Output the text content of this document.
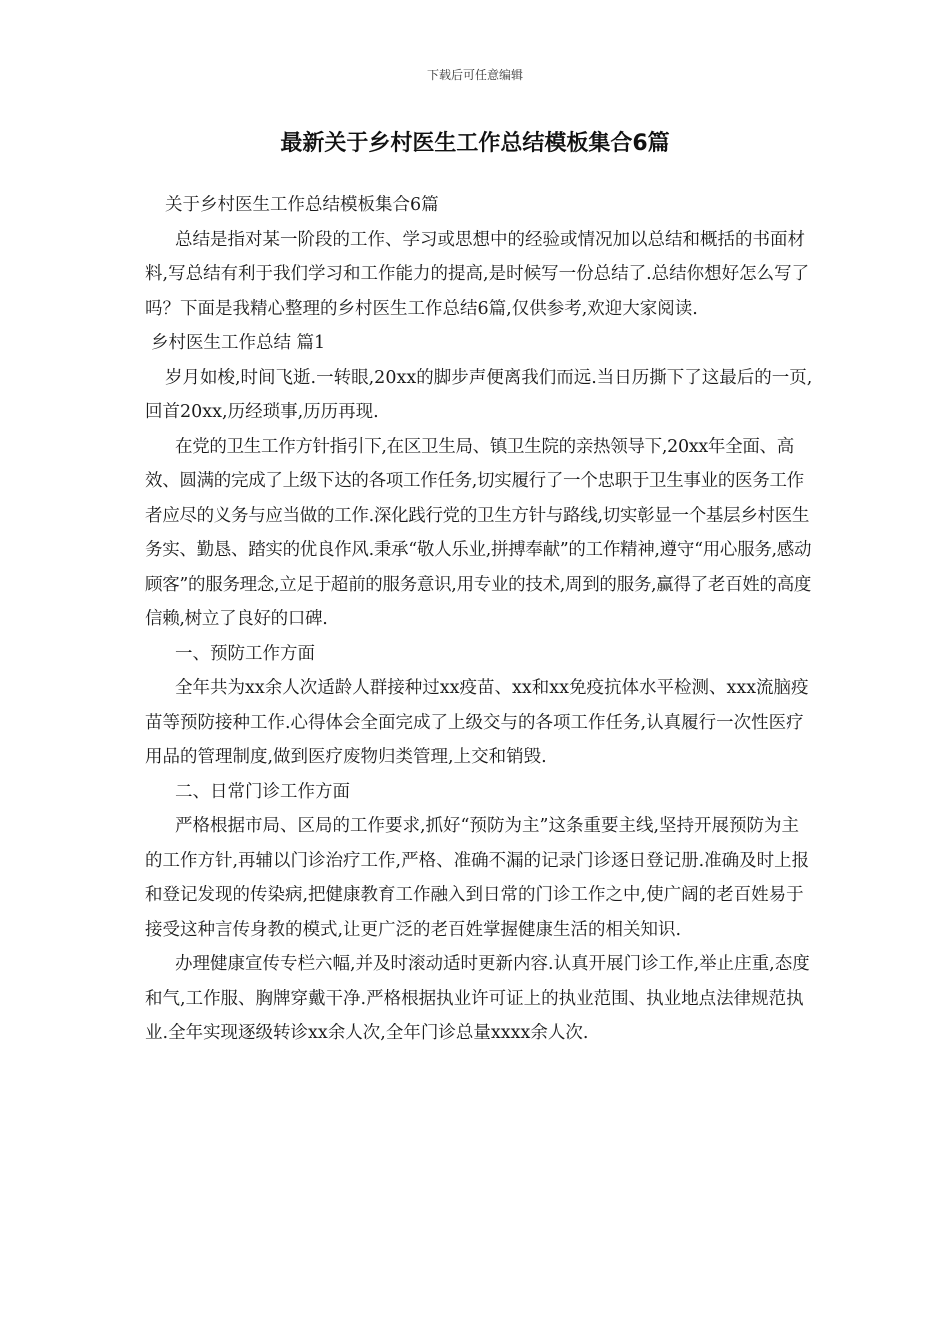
下载后可任意编辑
最新关于乡村医生工作总结模板集合6篇

关于乡村医生工作总结模板集合6篇

总结是指对某一阶段的工作、学习或思想中的经验或情况加以总结和概括的书面材料,写总结有利于我们学习和工作能力的提高,是时候写一份总结了.总结你想好怎么写了吗？下面是我精心整理的乡村医生工作总结6篇,仅供参考,欢迎大家阅读.

乡村医生工作总结 篇1

岁月如梭,时间飞逝.一转眼,20xx的脚步声便离我们而远.当日历撕下了这最后的一页,回首20xx,历经琐事,历历再现.

在党的卫生工作方针指引下,在区卫生局、镇卫生院的亲热领导下,20xx年全面、高效、圆满的完成了上级下达的各项工作任务,切实履行了一个忠职于卫生事业的医务工作者应尽的义务与应当做的工作.深化践行党的卫生方针与路线,切实彰显一个基层乡村医生务实、勤恳、踏实的优良作风.秉承“敬人乐业,拼搏奉献”的工作精神,遵守“用心服务,感动顾客”的服务理念,立足于超前的服务意识,用专业的技术,周到的服务,赢得了老百姓的高度信赖,树立了良好的口碑.

一、预防工作方面

全年共为xx余人次适龄人群接种过xx疫苗、xx和xx免疫抗体水平检测、xxx流脑疫苗等预防接种工作.心得体会全面完成了上级交与的各项工作任务,认真履行一次性医疗用品的管理制度,做到医疗废物归类管理,上交和销毁.

二、日常门诊工作方面

严格根据市局、区局的工作要求,抓好“预防为主”这条重要主线,坚持开展预防为主的工作方针,再辅以门诊治疗工作,严格、准确不漏的记录门诊逐日登记册.准确及时上报和登记发现的传染病,把健康教育工作融入到日常的门诊工作之中,使广阔的老百姓易于接受这种言传身教的模式,让更广泛的老百姓掌握健康生活的相关知识.

办理健康宣传专栏六幅,并及时滚动适时更新内容.认真开展门诊工作,举止庄重,态度和气,工作服、胸牌穿戴干净.严格根据执业许可证上的执业范围、执业地点法律规范执业.全年实现逐级转诊xx余人次,全年门诊总量xxxx余人次.
